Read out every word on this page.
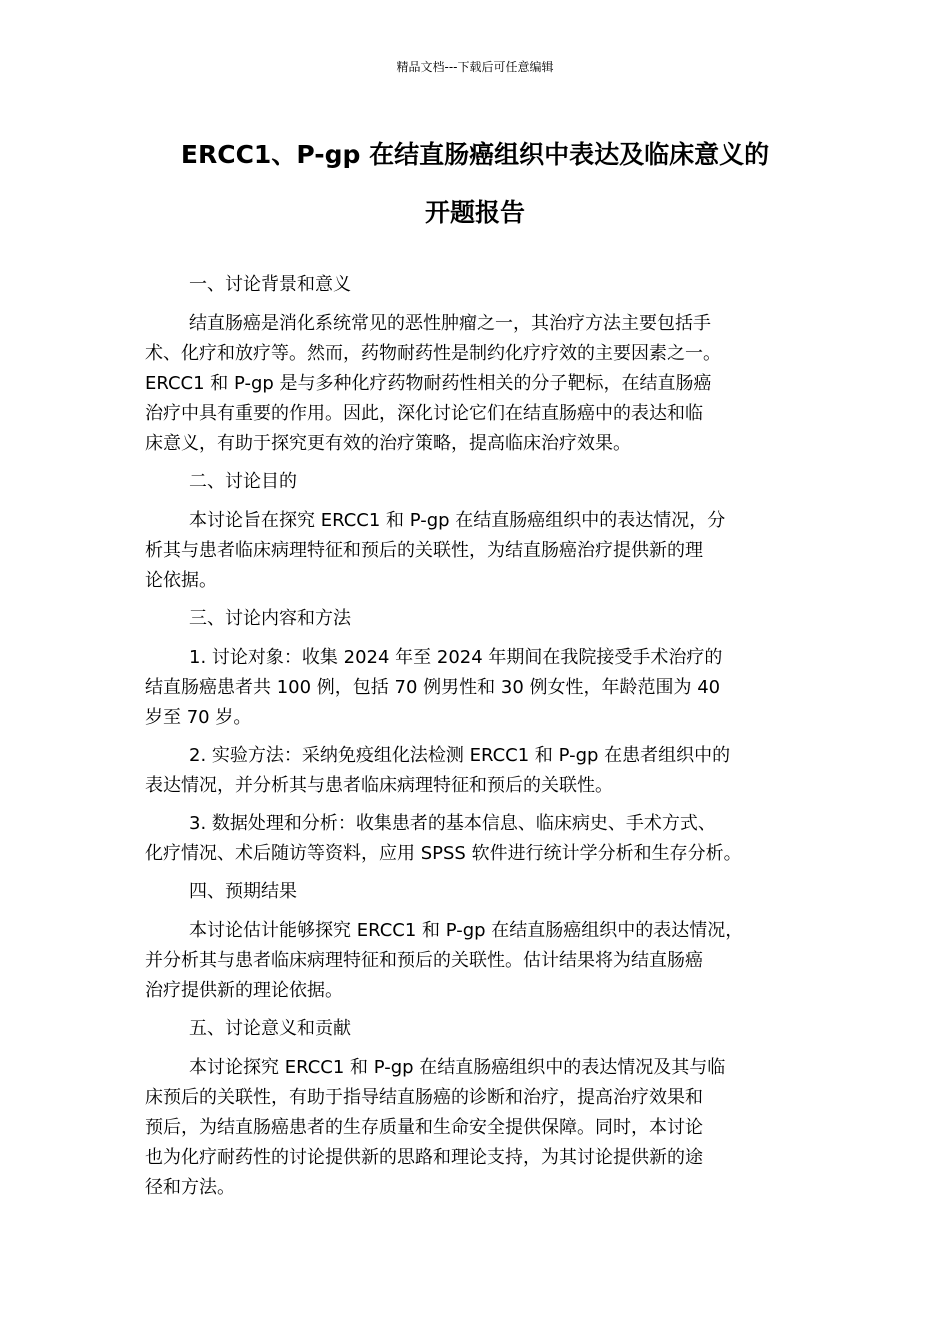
精品文档---下载后可任意编辑
ERCC1、P-gp 在结直肠癌组织中表达及临床意义的
开题报告
一、讨论背景和意义
结直肠癌是消化系统常见的恶性肿瘤之一，其治疗方法主要包括手
术、化疗和放疗等。然而，药物耐药性是制约化疗疗效的主要因素之一。
ERCC1 和 P-gp 是与多种化疗药物耐药性相关的分子靶标，在结直肠癌
治疗中具有重要的作用。因此，深化讨论它们在结直肠癌中的表达和临
床意义，有助于探究更有效的治疗策略，提高临床治疗效果。
二、讨论目的
本讨论旨在探究 ERCC1 和 P-gp 在结直肠癌组织中的表达情况，分
析其与患者临床病理特征和预后的关联性，为结直肠癌治疗提供新的理
论依据。
三、讨论内容和方法
1. 讨论对象：收集 2024 年至 2024 年期间在我院接受手术治疗的
结直肠癌患者共 100 例，包括 70 例男性和 30 例女性，年龄范围为 40
岁至 70 岁。
2. 实验方法：采纳免疫组化法检测 ERCC1 和 P-gp 在患者组织中的
表达情况，并分析其与患者临床病理特征和预后的关联性。
3. 数据处理和分析：收集患者的基本信息、临床病史、手术方式、
化疗情况、术后随访等资料，应用 SPSS 软件进行统计学分析和生存分析。
四、预期结果
本讨论估计能够探究 ERCC1 和 P-gp 在结直肠癌组织中的表达情况，
并分析其与患者临床病理特征和预后的关联性。估计结果将为结直肠癌
治疗提供新的理论依据。
五、讨论意义和贡献
本讨论探究 ERCC1 和 P-gp 在结直肠癌组织中的表达情况及其与临
床预后的关联性，有助于指导结直肠癌的诊断和治疗，提高治疗效果和
预后，为结直肠癌患者的生存质量和生命安全提供保障。同时，本讨论
也为化疗耐药性的讨论提供新的思路和理论支持，为其讨论提供新的途
径和方法。
